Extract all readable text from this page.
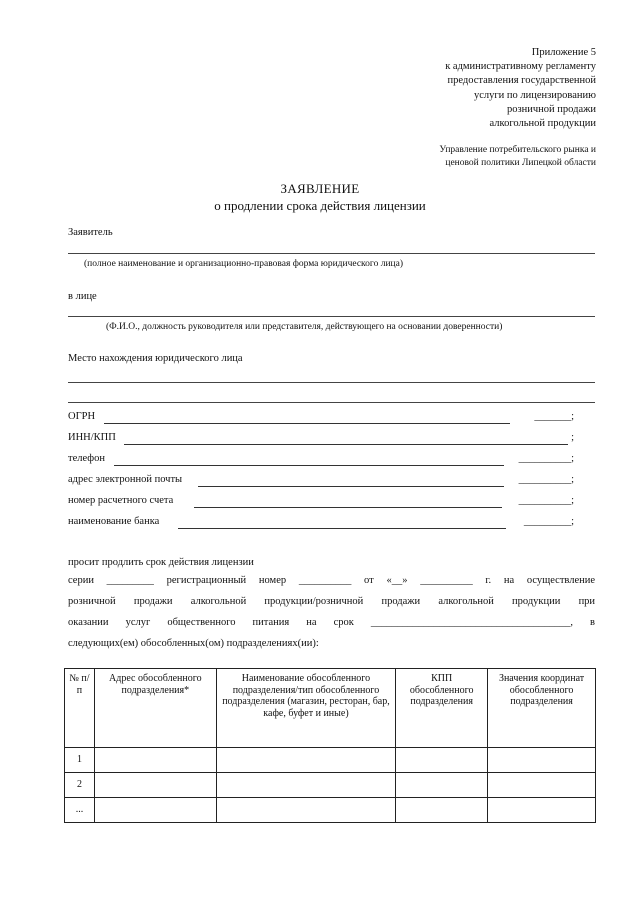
Приложение 5
к административному регламенту
предоставления государственной
услуги по лицензированию
розничной продажи
алкогольной продукции
Управление потребительского рынка и
ценовой политики Липецкой области
ЗАЯВЛЕНИЕ
о продлении срока действия лицензии
Заявитель
(полное наименование и организационно-правовая форма юридического лица)
в лице
(Ф.И.О., должность руководителя или представителя, действующего на основании доверенности)
Место нахождения юридического лица
ОГРН	_______;
ИНН/КПП	;
телефон	__________;
адрес электронной почты	__________;
номер расчетного счета	__________;
наименование банка	_________;
просит продлить срок действия лицензии
серии _________ регистрационный номер __________ от «__» __________ г. на осуществление
розничной продажи алкогольной продукции/розничной продажи алкогольной продукции при
оказании услуг общественного питания на срок ______________________________________, в
следующих(ем) обособленных(ом) подразделениях(ии):
№ п/п	Адрес обособленного подразделения*	Наименование обособленного подразделения/тип обособленного подразделения (магазин, ресторан, бар, кафе, буфет и иные)	КПП обособленного подразделения	Значения координат обособленного подразделения
1				
2				
...				
